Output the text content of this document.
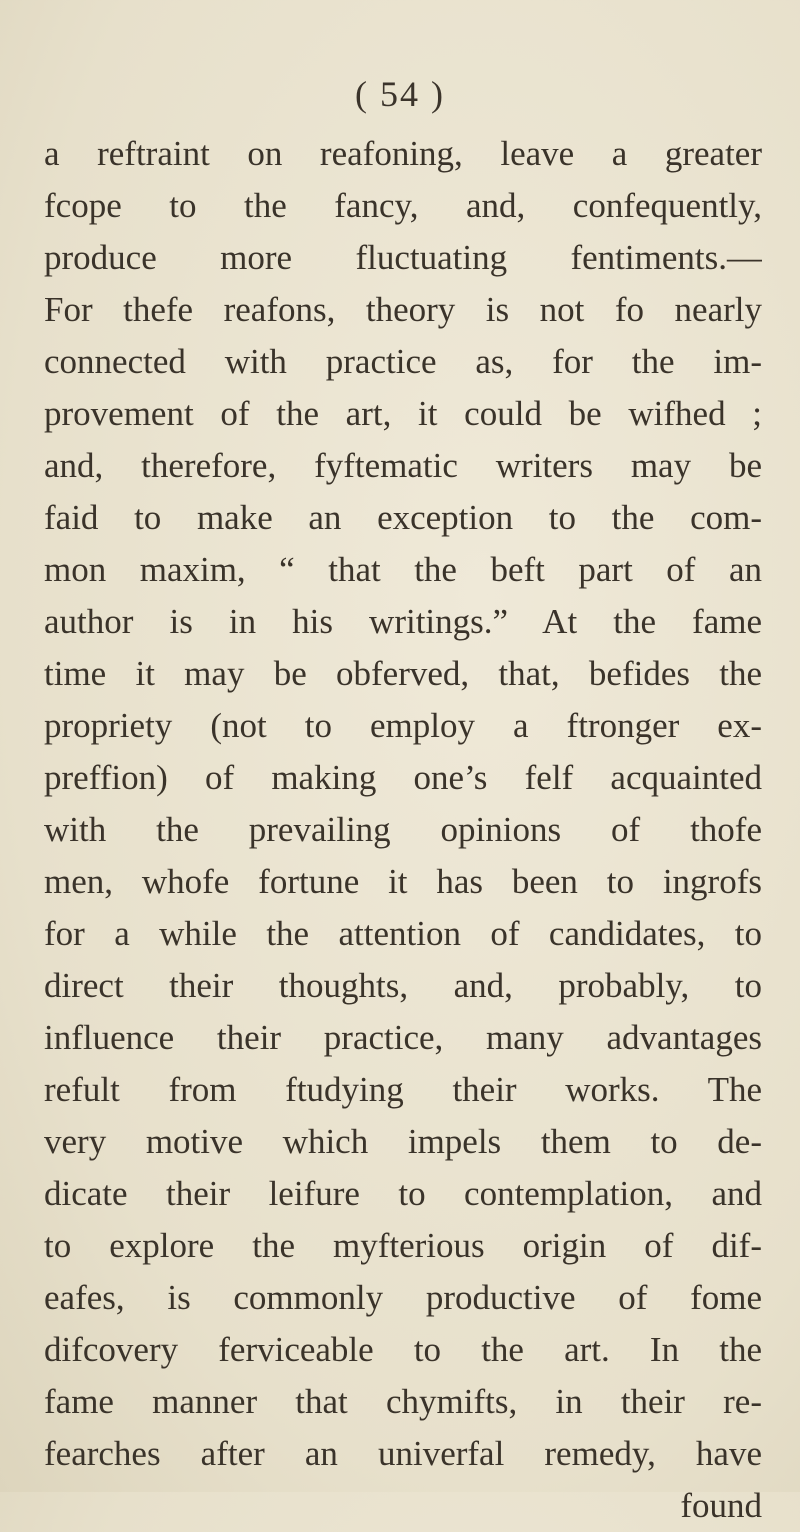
( 54 )
a reftraint on reafoning, leave a greater
fcope to the fancy, and, confequently,
produce more fluctuating fentiments.—
For thefe reafons, theory is not fo nearly
connected with practice as, for the im-
provement of the art, it could be wifhed ;
and, therefore, fyftematic writers may be
faid to make an exception to the com-
mon maxim, “ that the beft part of an
author is in his writings.” At the fame
time it may be obferved, that, befides the
propriety (not to employ a ftronger ex-
preffion) of making one’s felf acquainted
with the prevailing opinions of thofe
men, whofe fortune it has been to ingrofs
for a while the attention of candidates, to
direct their thoughts, and, probably, to
influence their practice, many advantages
refult from ftudying their works. The
very motive which impels them to de-
dicate their leifure to contemplation, and
to explore the myfterious origin of dif-
eafes, is commonly productive of fome
difcovery ferviceable to the art. In the
fame manner that chymifts, in their re-
fearches after an univerfal remedy, have
found
